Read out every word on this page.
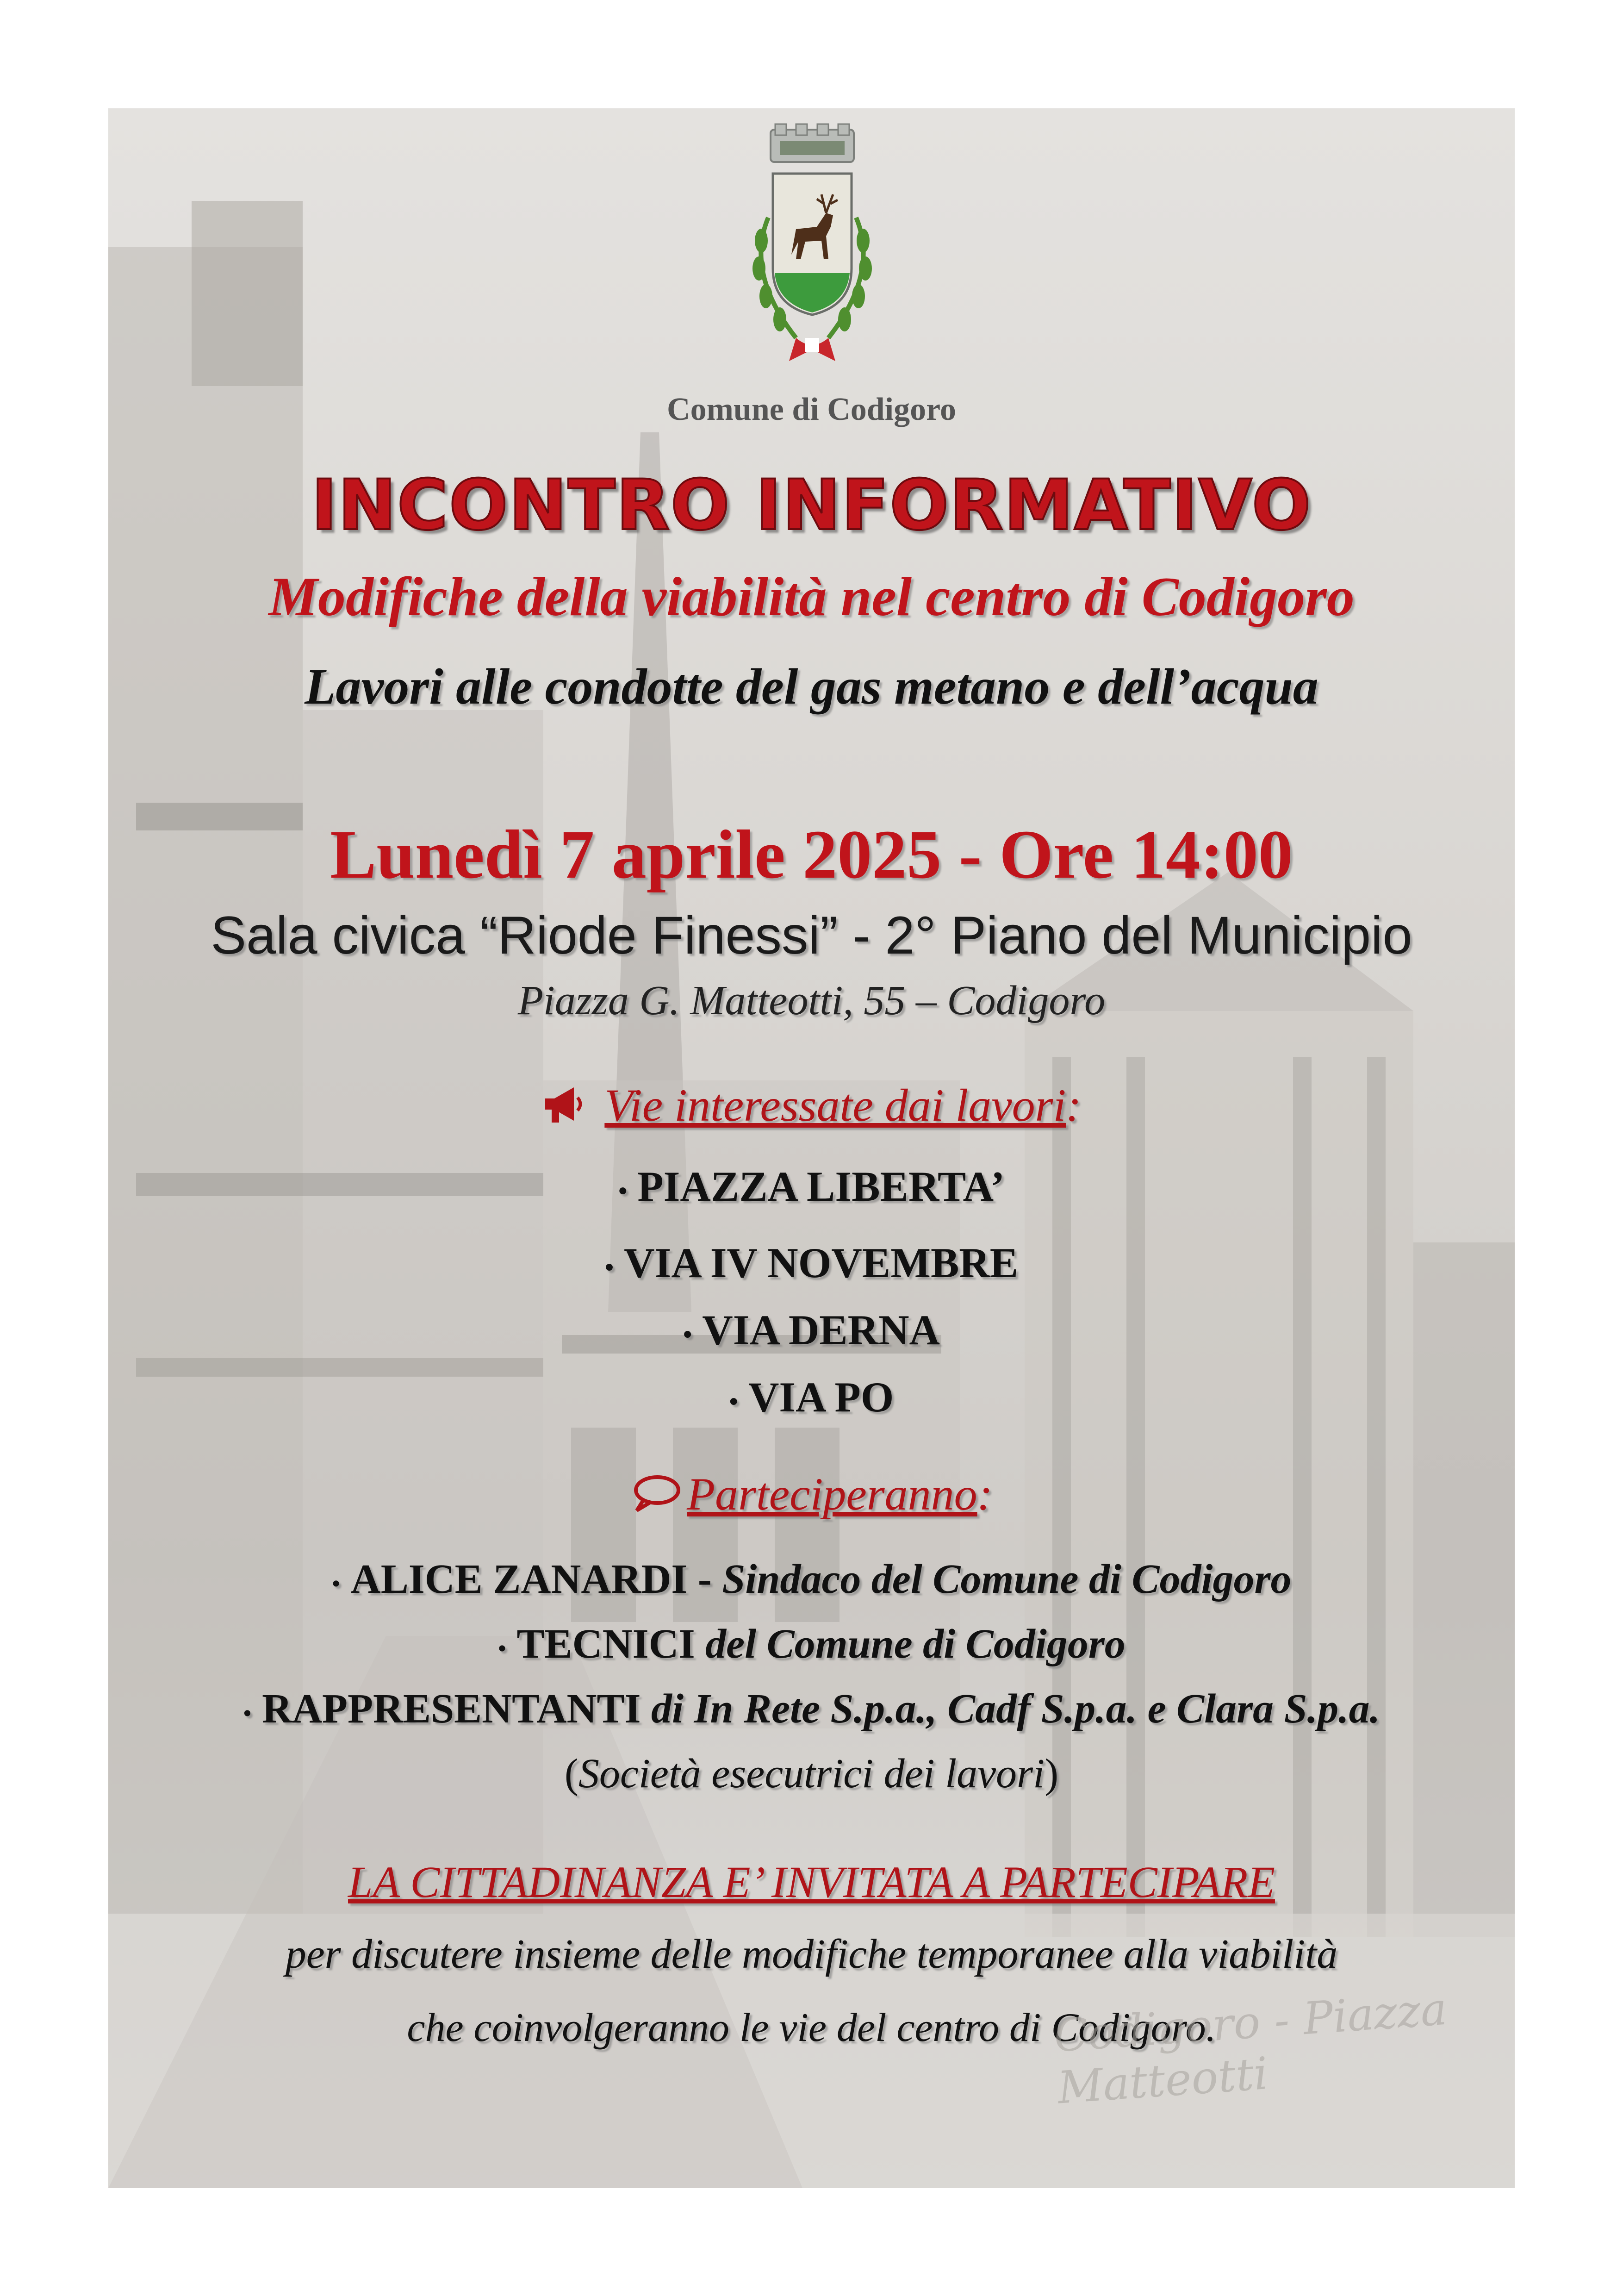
Comune di Codigoro
INCONTRO INFORMATIVO
Modifiche della viabilità nel centro di Codigoro
Lavori alle condotte del gas metano e dell’acqua
Lunedì 7 aprile 2025 - Ore 14:00
Sala civica “Riode Finessi” - 2° Piano del Municipio
Piazza G. Matteotti, 55 – Codigoro
Vie interessate dai lavori:
• PIAZZA LIBERTA’
• VIA IV NOVEMBRE
• VIA DERNA
• VIA PO
Parteciperanno:
• ALICE ZANARDI - Sindaco del Comune di Codigoro
• TECNICI del Comune di Codigoro
• RAPPRESENTANTI di In Rete S.p.a., Cadf S.p.a. e Clara S.p.a.
(Società esecutrici dei lavori)
LA CITTADINANZA E’ INVITATA A PARTECIPARE
per discutere insieme delle modifiche temporanee alla viabilità
che coinvolgeranno le vie del centro di Codigoro.
Codigoro - Piazza Matteotti
